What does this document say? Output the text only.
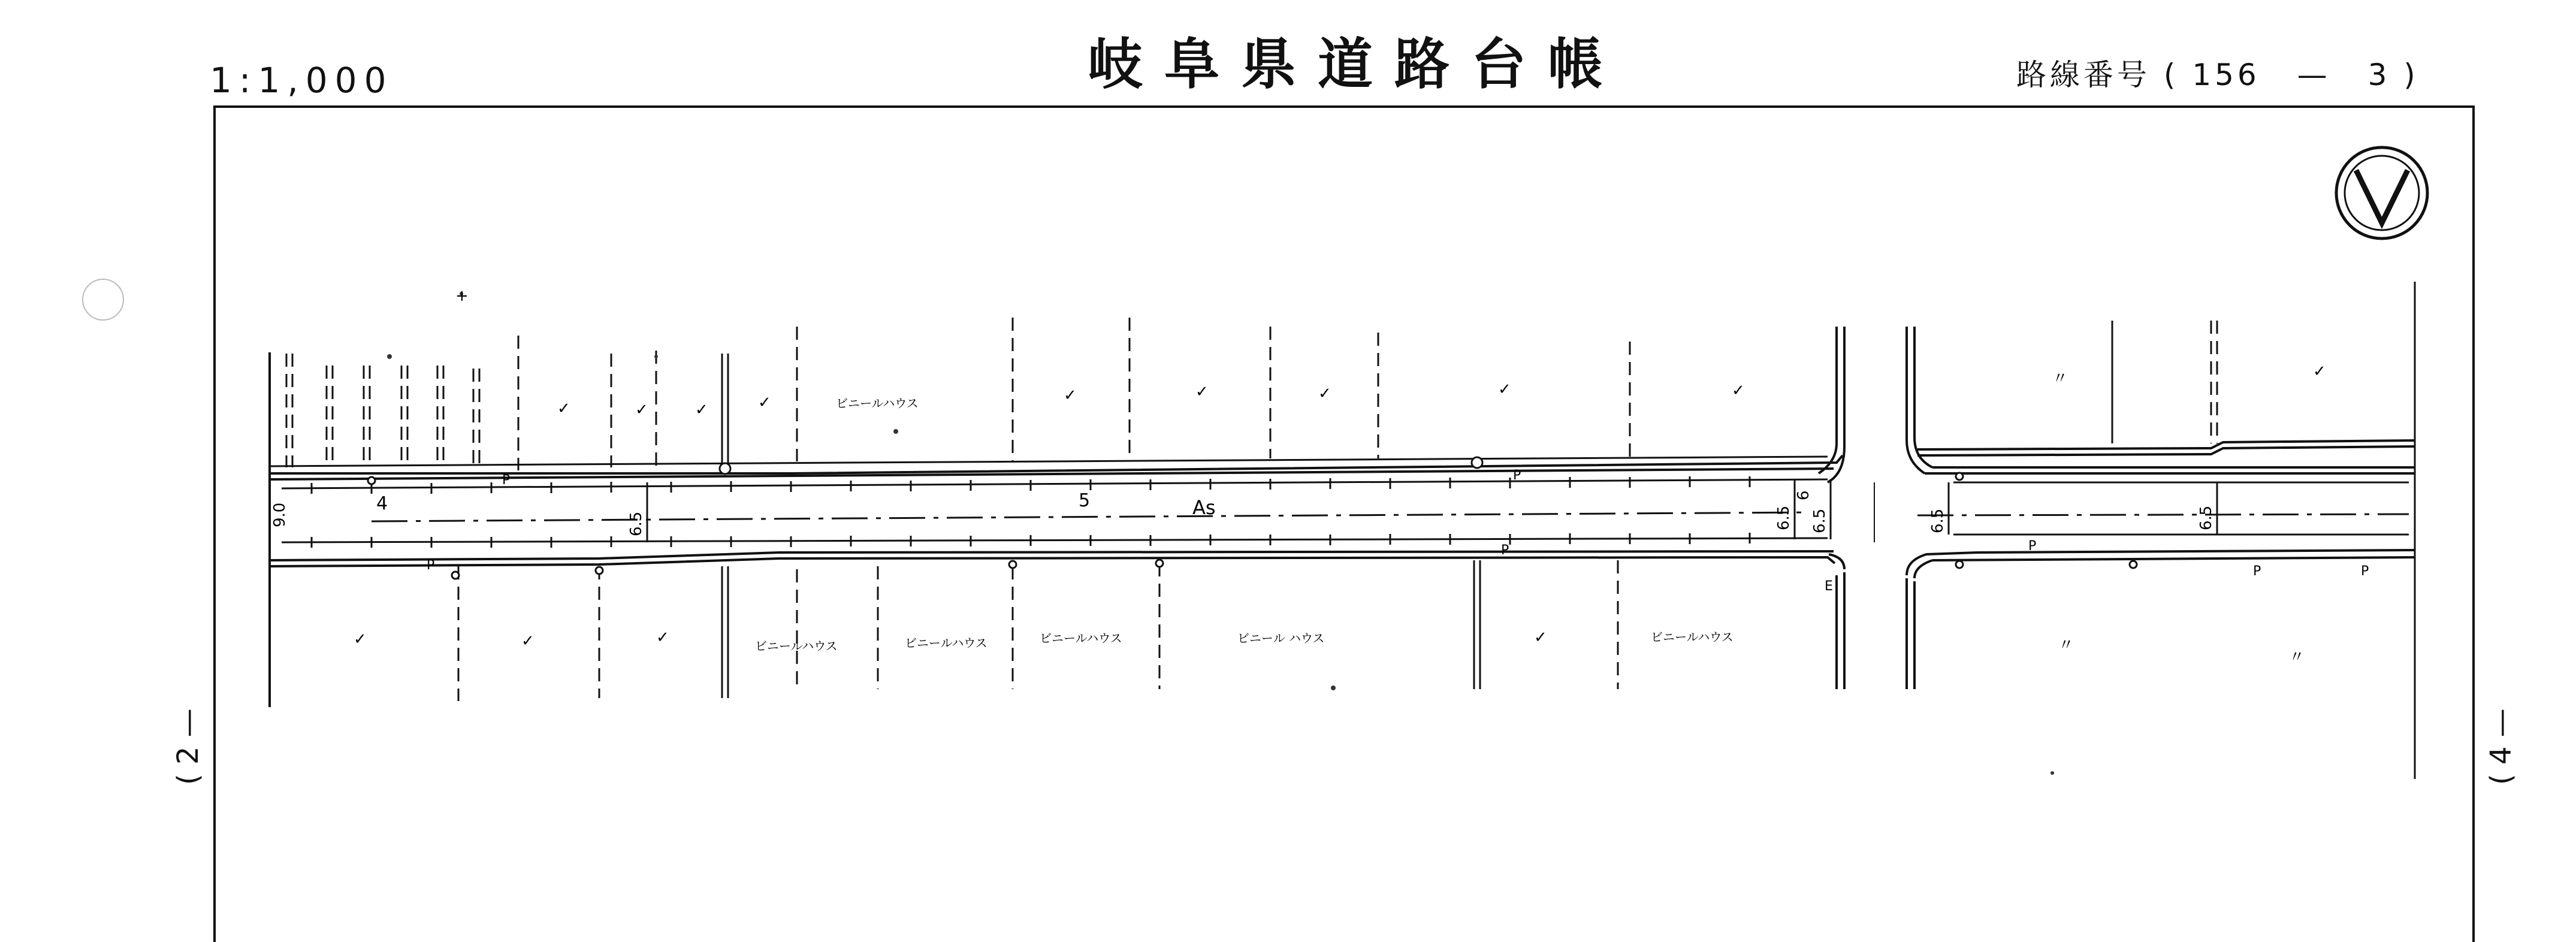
1:1,000	岐阜県道路台帳	路線番号 ( 156 — 3 )
( 2 —
( 4 —
4	5	As
9.0	6.5	6.5
6
6.5	6.5	6.5
P	P
P
P	P
P	P
E
ビニールハウス
ビニールハウス	ビニールハウス	ビニールハウス	ビニール ハウス	ビニールハウス
✓	✓	✓	✓	✓	✓	✓	✓	✓
✓
✓	✓	✓	✓
〃
〃
〃
+
